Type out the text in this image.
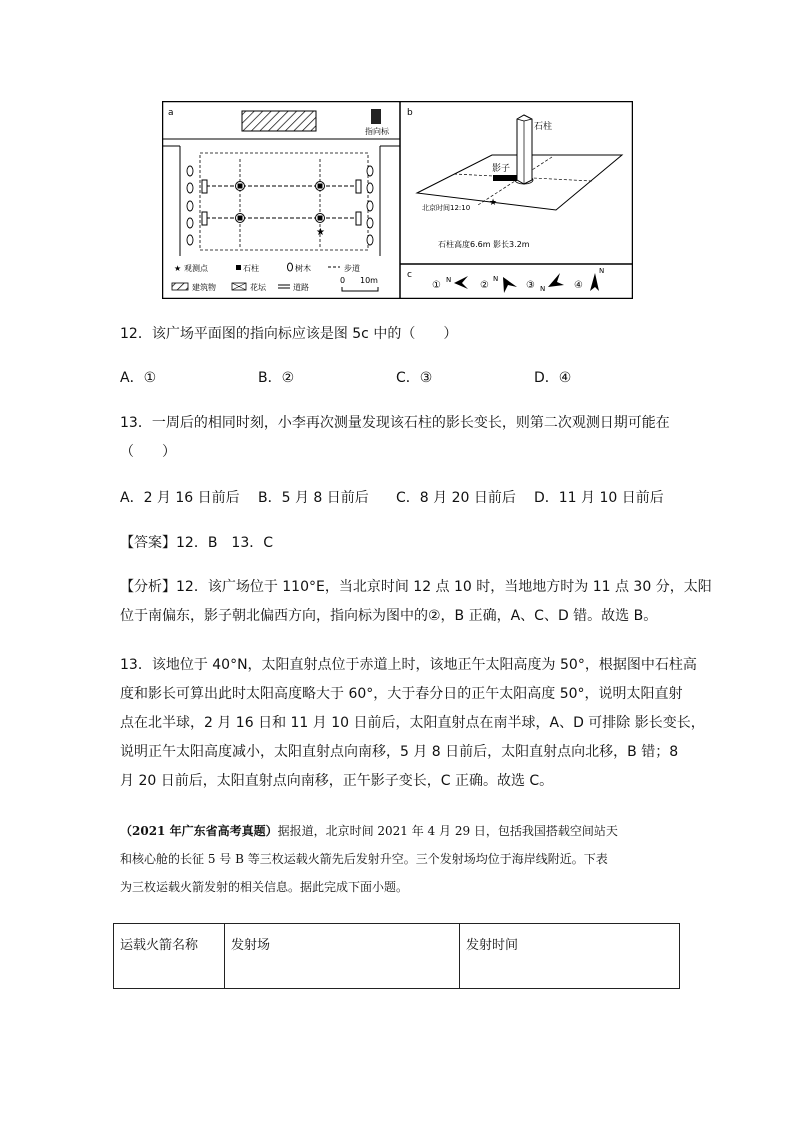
a
指向标
★
★ 观测点	石柱	树木	步道
建筑物	花坛	道路
0 10m
b
石柱
影子
★
北京时间12:10
石柱高度6.6m 影长3.2m
c
① N	②
N
③ N	④
N
12．该广场平面图的指向标应该是图 5c 中的（　　）
A．①	B．②	C．③	D．④
13．一周后的相同时刻，小李再次测量发现该石柱的影长变长，则第二次观测日期可能在
（　　）
A．2 月 16 日前后 B．5 月 8 日前后 C．8 月 20 日前后 D．11 月 10 日前后
【答案】12．B　13．C
【分析】12．该广场位于 110°E，当北京时间 12 点 10 时，当地地方时为 11 点 30 分，太阳
位于南偏东，影子朝北偏西方向，指向标为图中的②，B 正确，A、C、D 错。故选 B。
13．该地位于 40°N，太阳直射点位于赤道上时，该地正午太阳高度为 50°，根据图中石柱高
度和影长可算出此时太阳高度略大于 60°，大于春分日的正午太阳高度 50°，说明太阳直射
点在北半球，2 月 16 日和 11 月 10 日前后，太阳直射点在南半球，A、D 可排除 影长变长，
说明正午太阳高度减小，太阳直射点向南移，5 月 8 日前后，太阳直射点向北移，B 错；8
月 20 日前后，太阳直射点向南移，正午影子变长，C 正确。故选 C。
（2021 年广东省高考真题）据报道，北京时间 2021 年 4 月 29 日，包括我国搭载空间站天
和核心舱的长征 5 号 B 等三枚运载火箭先后发射升空。三个发射场均位于海岸线附近。下表
为三枚运载火箭发射的相关信息。据此完成下面小题。
运载火箭名称	发射场	发射时间
